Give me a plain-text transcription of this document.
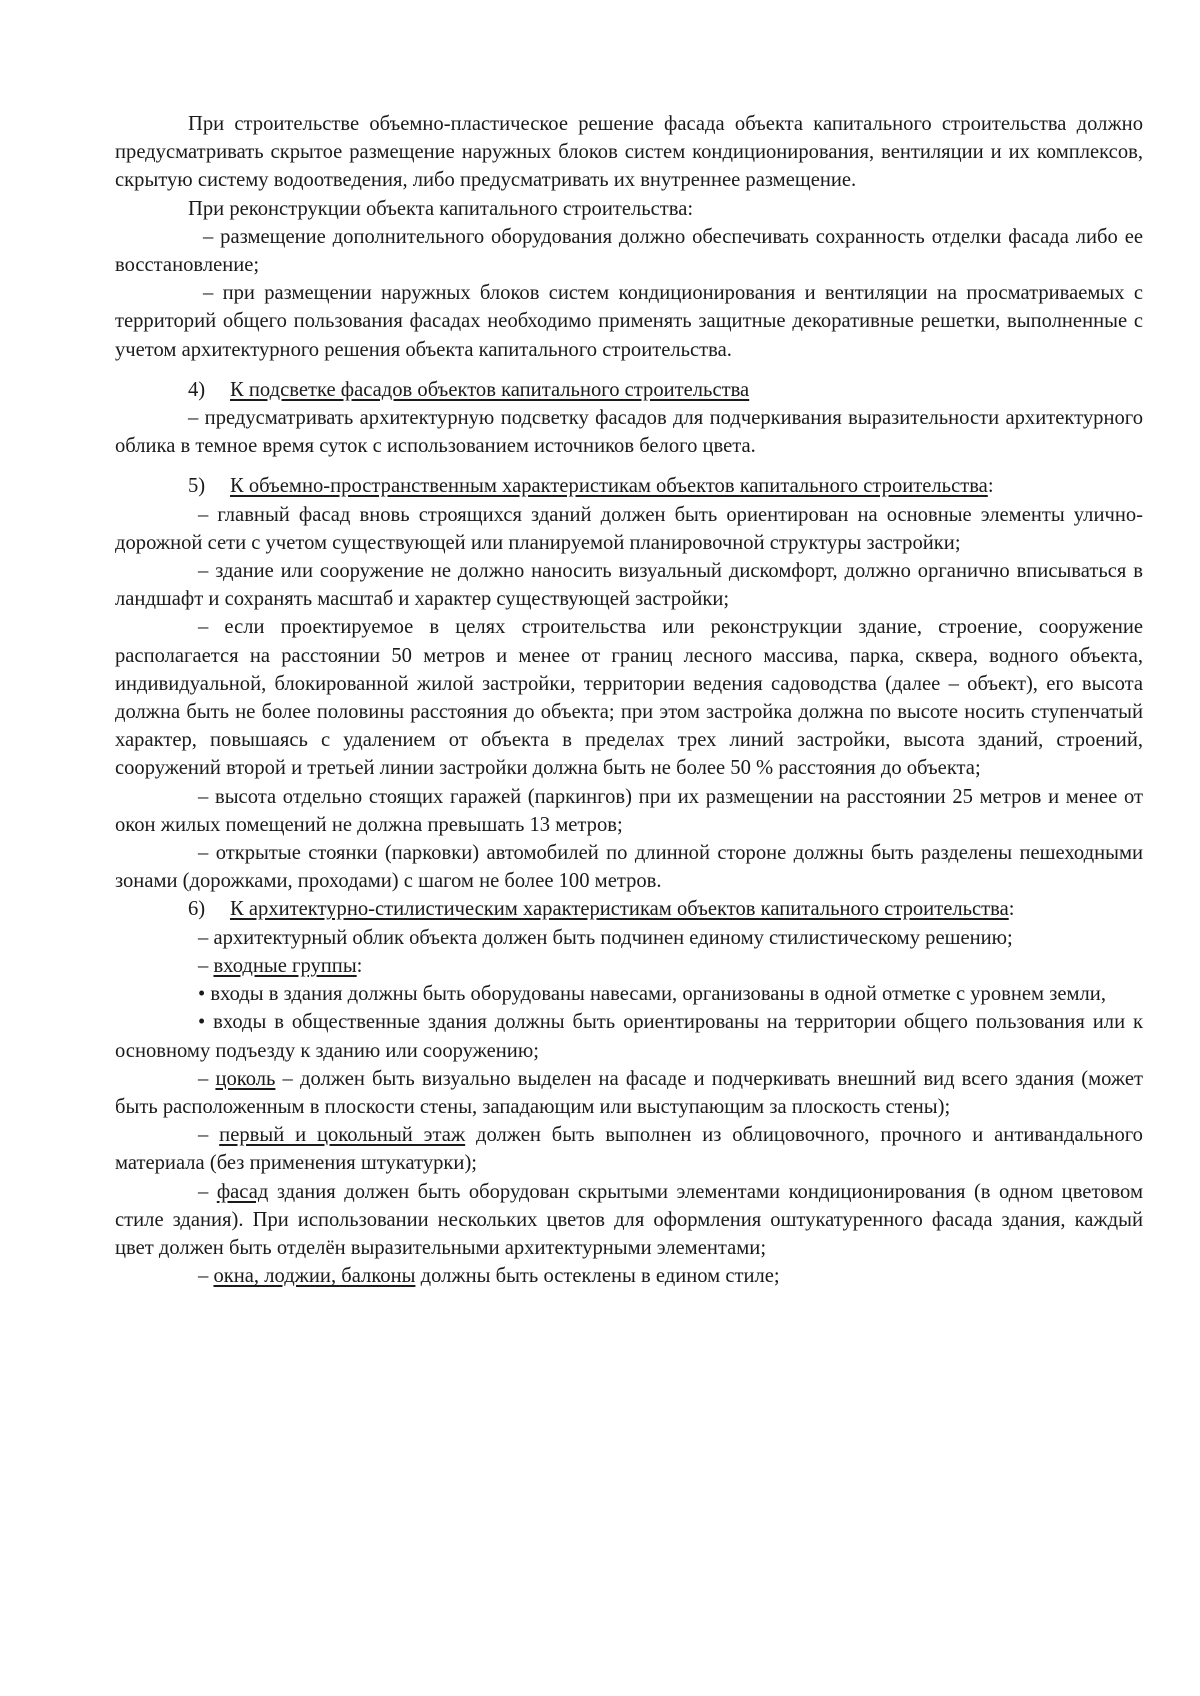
При строительстве объемно-пластическое решение фасада объекта капитального строительства должно предусматривать скрытое размещение наружных блоков систем кондиционирования, вентиляции и их комплексов, скрытую систему водоотведения, либо предусматривать их внутреннее размещение.

При реконструкции объекта капитального строительства:

– размещение дополнительного оборудования должно обеспечивать сохранность отделки фасада либо ее восстановление;

– при размещении наружных блоков систем кондиционирования и вентиляции на просматриваемых с территорий общего пользования фасадах необходимо применять защитные декоративные решетки, выполненные с учетом архитектурного решения объекта капитального строительства.

4) К подсветке фасадов объектов капитального строительства

– предусматривать архитектурную подсветку фасадов для подчеркивания выразительности архитектурного облика в темное время суток с использованием источников белого цвета.

5) К объемно-пространственным характеристикам объектов капитального строительства:

– главный фасад вновь строящихся зданий должен быть ориентирован на основные элементы улично-дорожной сети с учетом существующей или планируемой планировочной структуры застройки;

– здание или сооружение не должно наносить визуальный дискомфорт, должно органично вписываться в ландшафт и сохранять масштаб и характер существующей застройки;

– если проектируемое в целях строительства или реконструкции здание, строение, сооружение располагается на расстоянии 50 метров и менее от границ лесного массива, парка, сквера, водного объекта, индивидуальной, блокированной жилой застройки, территории ведения садоводства (далее – объект), его высота должна быть не более половины расстояния до объекта; при этом застройка должна по высоте носить ступенчатый характер, повышаясь с удалением от объекта в пределах трех линий застройки, высота зданий, строений, сооружений второй и третьей линии застройки должна быть не более 50 % расстояния до объекта;

– высота отдельно стоящих гаражей (паркингов) при их размещении на расстоянии 25 метров и менее от окон жилых помещений не должна превышать 13 метров;

– открытые стоянки (парковки) автомобилей по длинной стороне должны быть разделены пешеходными зонами (дорожками, проходами) с шагом не более 100 метров.

6) К архитектурно-стилистическим характеристикам объектов капитального строительства:

– архитектурный облик объекта должен быть подчинен единому стилистическому решению;

– входные группы:

• входы в здания должны быть оборудованы навесами, организованы в одной отметке с уровнем земли,

• входы в общественные здания должны быть ориентированы на территории общего пользования или к основному подъезду к зданию или сооружению;

– цоколь – должен быть визуально выделен на фасаде и подчеркивать внешний вид всего здания (может быть расположенным в плоскости стены, западающим или выступающим за плоскость стены);

– первый и цокольный этаж должен быть выполнен из облицовочного, прочного и антивандального материала (без применения штукатурки);

– фасад здания должен быть оборудован скрытыми элементами кондиционирования (в одном цветовом стиле здания). При использовании нескольких цветов для оформления оштукатуренного фасада здания, каждый цвет должен быть отделён выразительными архитектурными элементами;

– окна, лоджии, балконы должны быть остеклены в едином стиле;
